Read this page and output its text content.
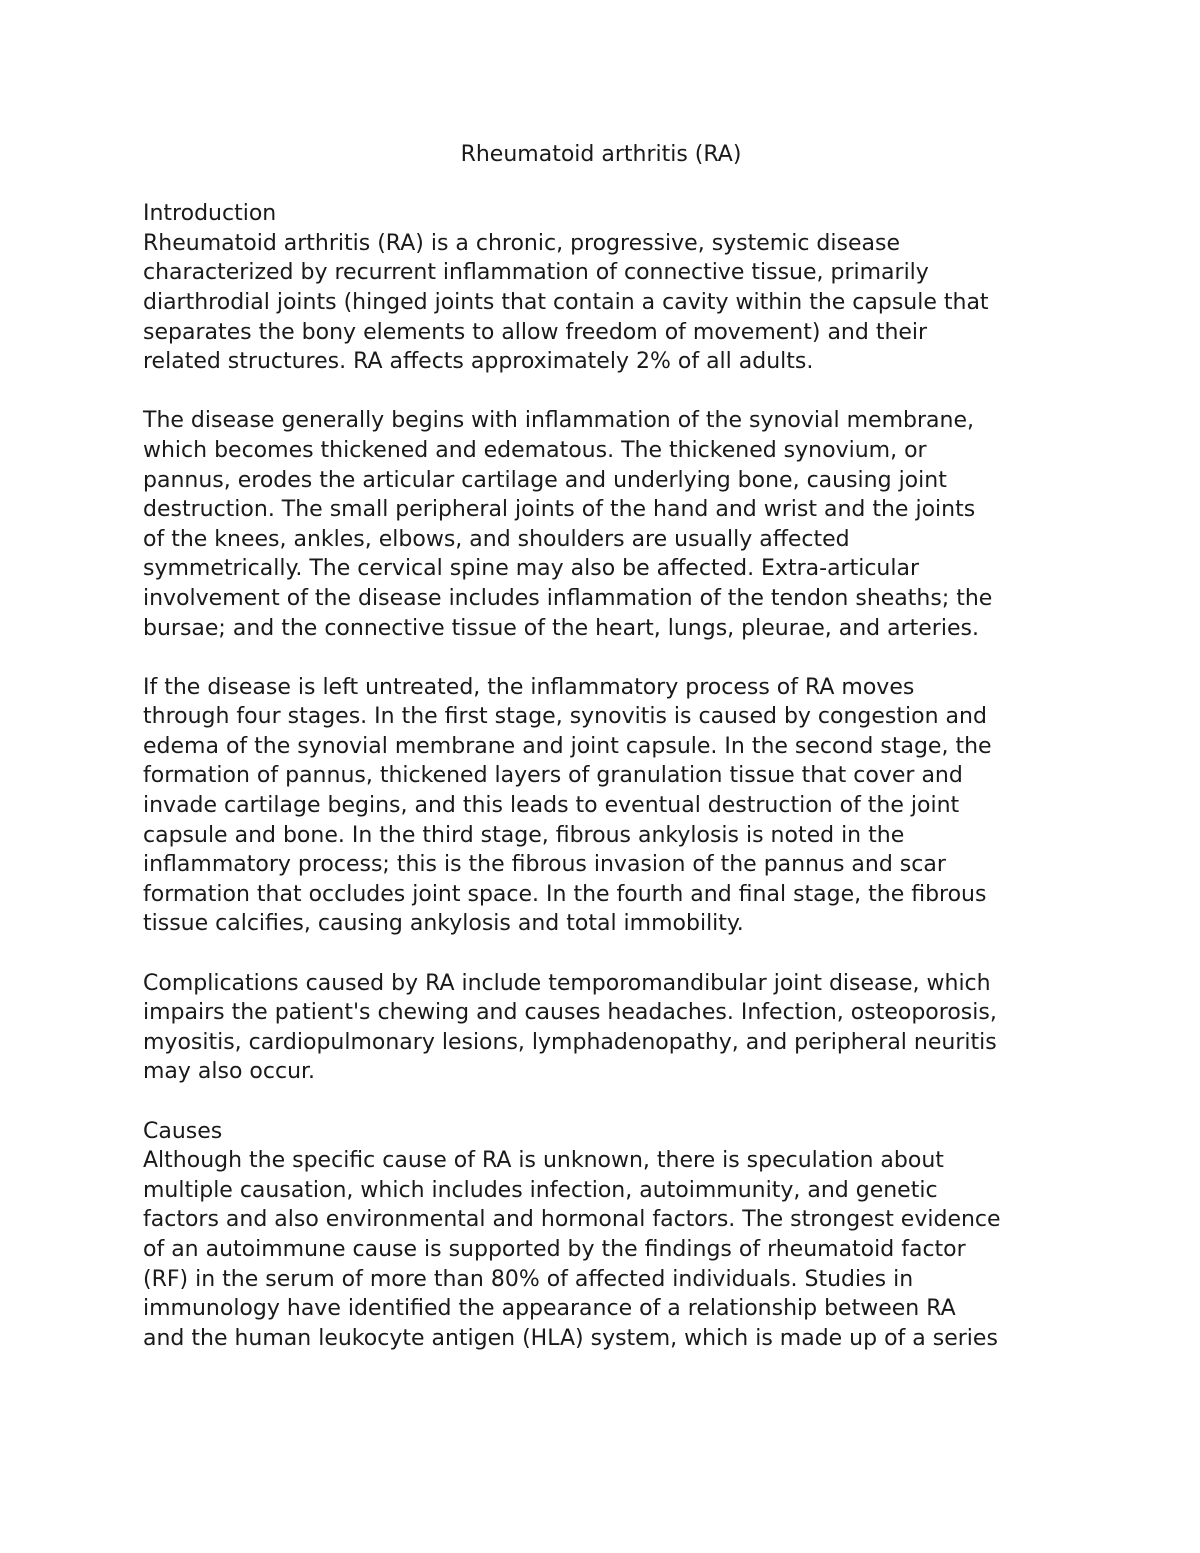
Rheumatoid arthritis (RA)
Introduction
Rheumatoid arthritis (RA) is a chronic, progressive, systemic disease
characterized by recurrent inflammation of connective tissue, primarily
diarthrodial joints (hinged joints that contain a cavity within the capsule that
separates the bony elements to allow freedom of movement) and their
related structures. RA affects approximately 2% of all adults.
The disease generally begins with inflammation of the synovial membrane,
which becomes thickened and edematous. The thickened synovium, or
pannus, erodes the articular cartilage and underlying bone, causing joint
destruction. The small peripheral joints of the hand and wrist and the joints
of the knees, ankles, elbows, and shoulders are usually affected
symmetrically. The cervical spine may also be affected. Extra-articular
involvement of the disease includes inflammation of the tendon sheaths; the
bursae; and the connective tissue of the heart, lungs, pleurae, and arteries.
If the disease is left untreated, the inflammatory process of RA moves
through four stages. In the first stage, synovitis is caused by congestion and
edema of the synovial membrane and joint capsule. In the second stage, the
formation of pannus, thickened layers of granulation tissue that cover and
invade cartilage begins, and this leads to eventual destruction of the joint
capsule and bone. In the third stage, fibrous ankylosis is noted in the
inflammatory process; this is the fibrous invasion of the pannus and scar
formation that occludes joint space. In the fourth and final stage, the fibrous
tissue calcifies, causing ankylosis and total immobility.
Complications caused by RA include temporomandibular joint disease, which
impairs the patient's chewing and causes headaches. Infection, osteoporosis,
myositis, cardiopulmonary lesions, lymphadenopathy, and peripheral neuritis
may also occur.
Causes
Although the specific cause of RA is unknown, there is speculation about
multiple causation, which includes infection, autoimmunity, and genetic
factors and also environmental and hormonal factors. The strongest evidence
of an autoimmune cause is supported by the findings of rheumatoid factor
(RF) in the serum of more than 80% of affected individuals. Studies in
immunology have identified the appearance of a relationship between RA
and the human leukocyte antigen (HLA) system, which is made up of a series
